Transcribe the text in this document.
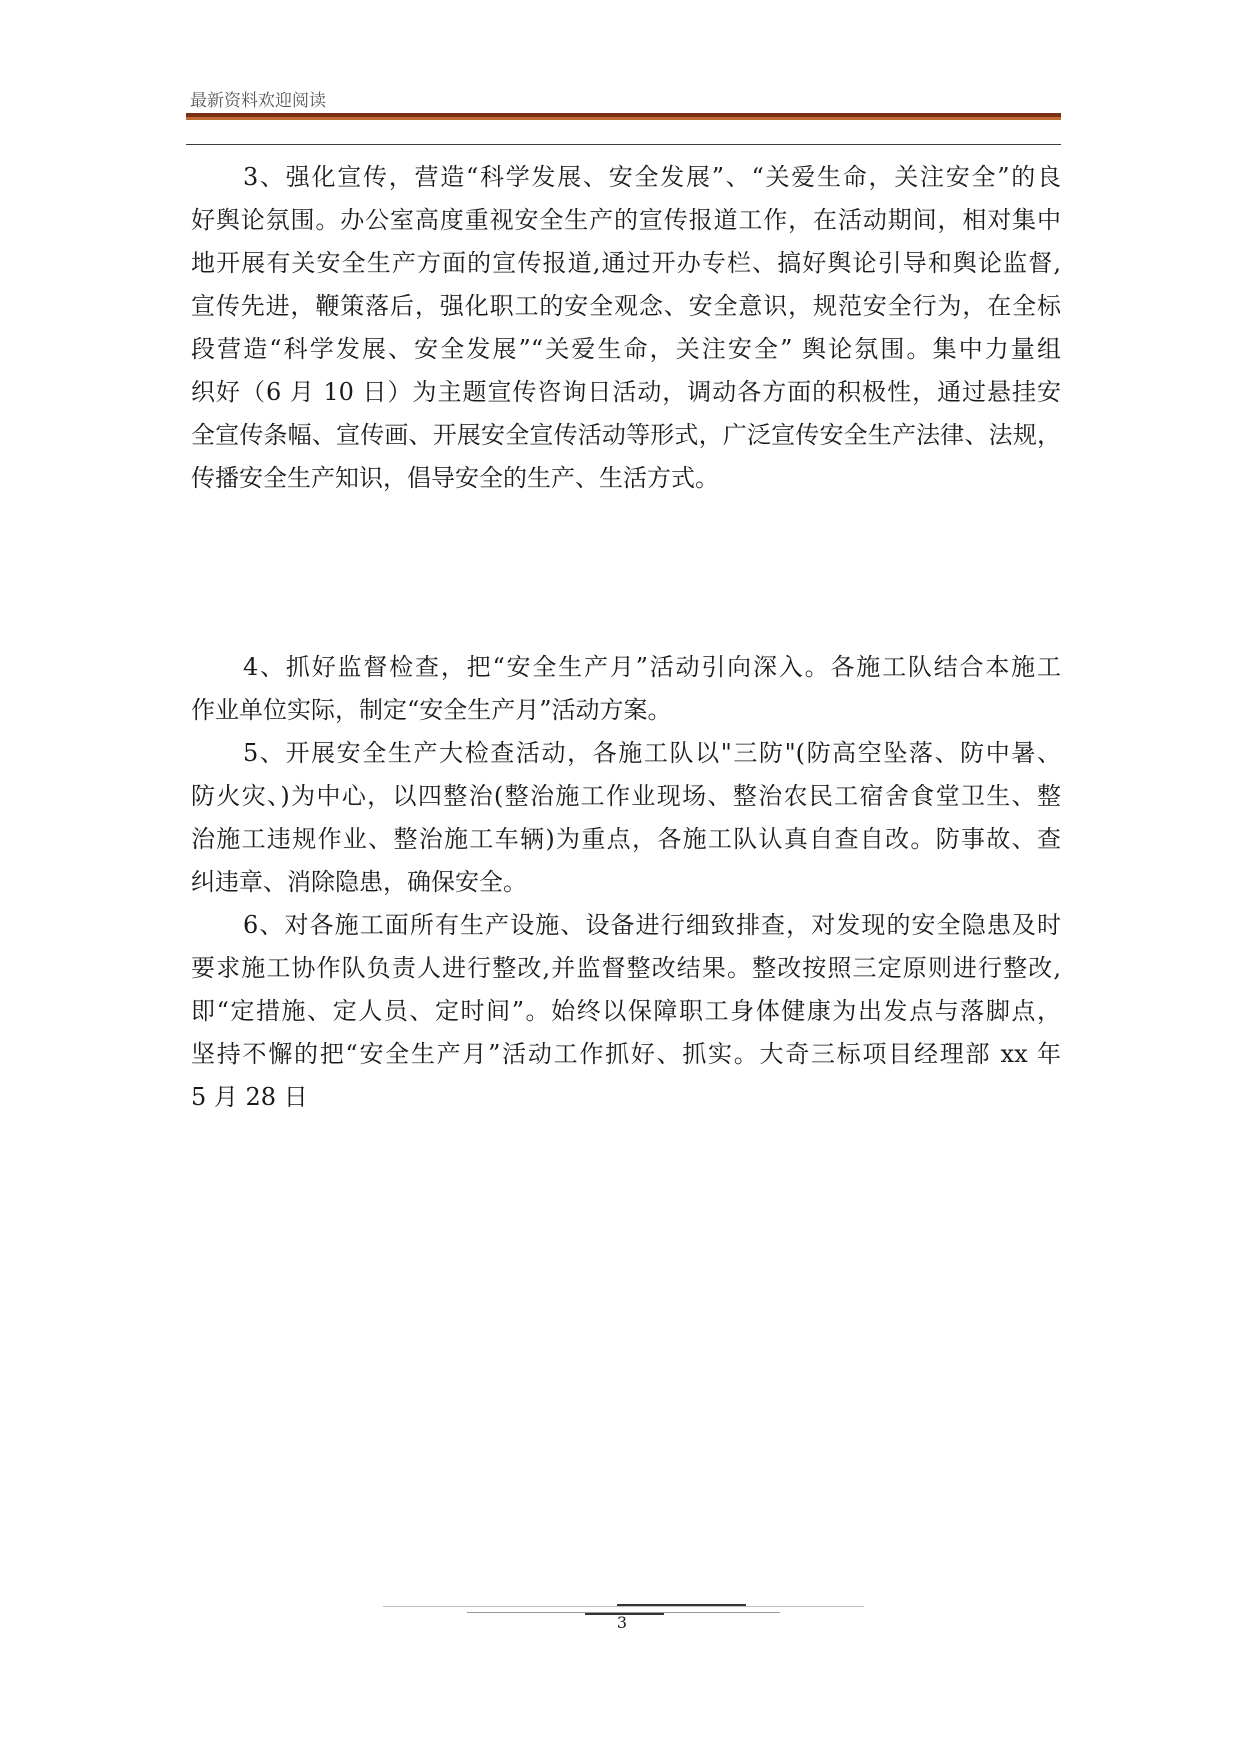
最新资料欢迎阅读
3、强化宣传，营造“科学发展、安全发展”、“关爱生命，关注安全”的良
好舆论氛围。办公室高度重视安全生产的宣传报道工作，在活动期间，相对集中
地开展有关安全生产方面的宣传报道,通过开办专栏、搞好舆论引导和舆论监督,
宣传先进，鞭策落后，强化职工的安全观念、安全意识，规范安全行为，在全标
段营造“科学发展、安全发展”“关爱生命，关注安全” 舆论氛围。集中力量组
织好（6 月 10 日）为主题宣传咨询日活动，调动各方面的积极性，通过悬挂安
全宣传条幅、宣传画、开展安全宣传活动等形式，广泛宣传安全生产法律、法规，
传播安全生产知识，倡导安全的生产、生活方式。
4、抓好监督检查，把“安全生产月”活动引向深入。各施工队结合本施工
作业单位实际，制定“安全生产月”活动方案。
5、开展安全生产大检查活动，各施工队以"三防"(防高空坠落、防中暑、
防火灾、)为中心，以四整治(整治施工作业现场、整治农民工宿舍食堂卫生、整
治施工违规作业、整治施工车辆)为重点，各施工队认真自查自改。防事故、查
纠违章、消除隐患，确保安全。
6、对各施工面所有生产设施、设备进行细致排查，对发现的安全隐患及时
要求施工协作队负责人进行整改,并监督整改结果。整改按照三定原则进行整改,
即“定措施、定人员、定时间”。始终以保障职工身体健康为出发点与落脚点，
坚持不懈的把“安全生产月”活动工作抓好、抓实。大奇三标项目经理部 xx 年
5 月 28 日
3
